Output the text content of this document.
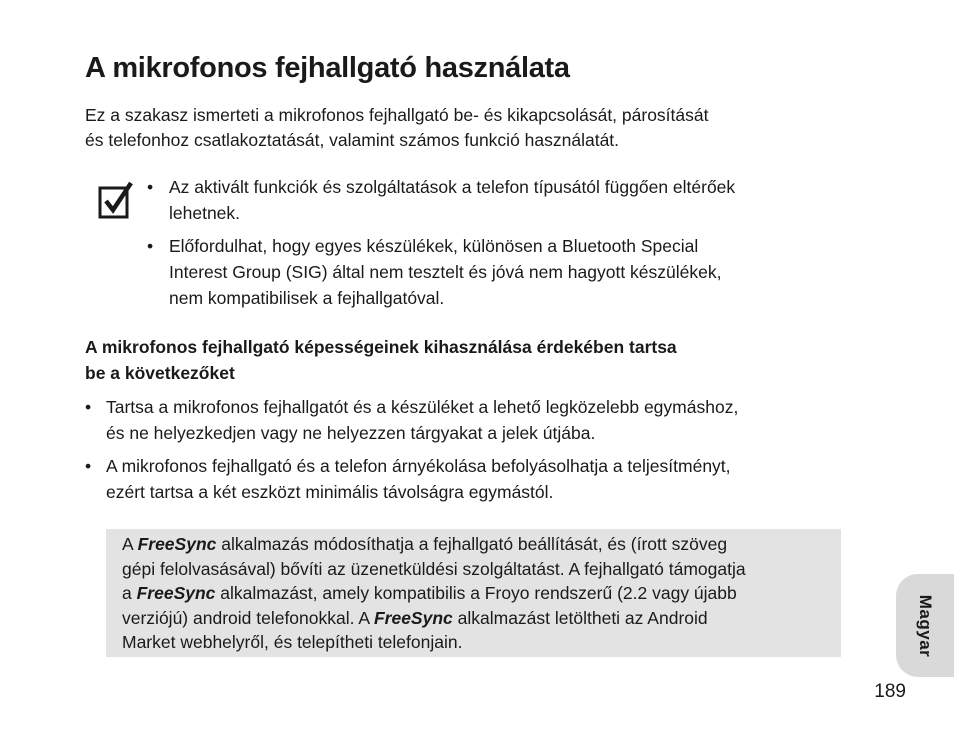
A mikrofonos fejhallgató használata

Ez a szakasz ismerteti a mikrofonos fejhallgató be- és kikapcsolását, párosítását

és telefonhoz csatlakoztatását, valamint számos funkció használatát.

• Az aktivált funkciók és szolgáltatások a telefon típusától függően eltérőek
lehetnek.
• Előfordulhat, hogy egyes készülékek, különösen a Bluetooth Special
Interest Group (SIG) által nem tesztelt és jóvá nem hagyott készülékek,
nem kompatibilisek a fejhallgatóval.

A mikrofonos fejhallgató képességeinek kihasználása érdekében tartsa

be a következőket

• Tartsa a mikrofonos fejhallgatót és a készüléket a lehető legközelebb egymáshoz,
és ne helyezkedjen vagy ne helyezzen tárgyakat a jelek útjába.
• A mikrofonos fejhallgató és a telefon árnyékolása befolyásolhatja a teljesítményt,
ezért tartsa a két eszközt minimális távolságra egymástól.

A FreeSync alkalmazás módosíthatja a fejhallgató beállítását, és (írott szöveg

gépi felolvasásával) bővíti az üzenetküldési szolgáltatást. A fejhallgató támogatja

a FreeSync alkalmazást, amely kompatibilis a Froyo rendszerű (2.2 vagy újabb

verziójú) android telefonokkal. A FreeSync alkalmazást letöltheti az Android

Market webhelyről, és telepítheti telefonjain.	Magyar
189
